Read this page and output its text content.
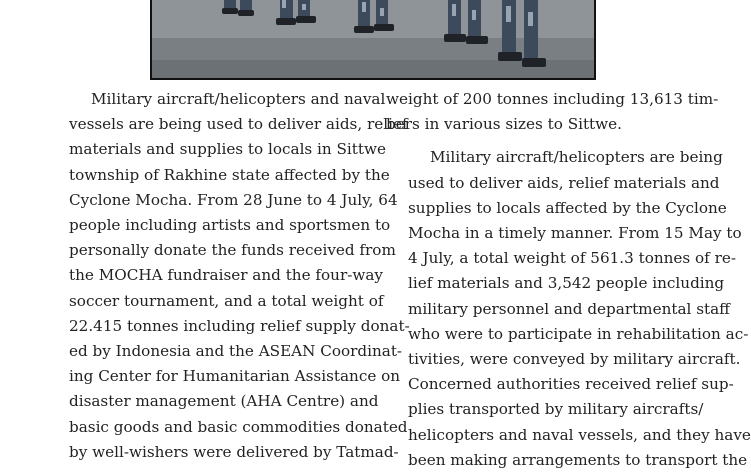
Military aircraft/helicopters and naval
vessels are being used to deliver aids, relief
materials and supplies to locals in Sittwe
township of Rakhine state affected by the
Cyclone Mocha. From 28 June to 4 July, 64
people including artists and sportsmen to
personally donate the funds received from
the MOCHA fundraiser and the four-way
soccer tournament, and a total weight of
22.415 tonnes including relief supply donat-
ed by Indonesia and the ASEAN Coordinat-
ing Center for Humanitarian Assistance on
disaster management (AHA Centre) and
basic goods and basic commodities donated
by well-wishers were delivered by Tatmad-

weight of 200 tonnes including 13,613 tim-
bers in various sizes to Sittwe.

Military aircraft/helicopters are being
used to deliver aids, relief materials and
supplies to locals affected by the Cyclone
Mocha in a timely manner. From 15 May to
4 July, a total weight of 561.3 tonnes of re-
lief materials and 3,542 people including
military personnel and departmental staff
who were to participate in rehabilitation ac-
tivities, were conveyed by military aircraft.
Concerned authorities received relief sup-
plies transported by military aircrafts/
helicopters and naval vessels, and they have
been making arrangements to transport the
